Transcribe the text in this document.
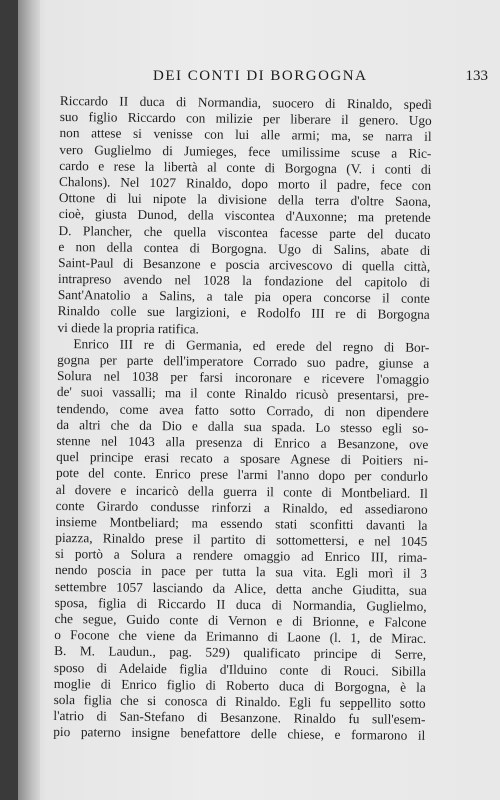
DEI CONTI DI BORGOGNA	133
Riccardo II duca di Normandia, suocero di Rinaldo, spedì
suo figlio Riccardo con milizie per liberare il genero. Ugo
non attese si venisse con lui alle armi; ma, se narra il
vero Guglielmo di Jumieges, fece umilissime scuse a Ric-
cardo e rese la libertà al conte di Borgogna (V. i conti di
Chalons). Nel 1027 Rinaldo, dopo morto il padre, fece con
Ottone di lui nipote la divisione della terra d'oltre Saona,
cioè, giusta Dunod, della visconteа d'Auxonne; ma pretende
D. Plancher, che quella viscontea facesse parte del ducato
e non della contea di Borgogna. Ugo di Salins, abate di
Saint-Paul di Besanzone e poscia arcivescovo di quella città,
intrapreso avendo nel 1028 la fondazione del capitolo di
Sant'Anatolio a Salins, a tale pia opera concorse il conte
Rinaldo colle sue largizioni, e Rodolfo III re di Borgogna
vi diede la propria ratifica.
Enrico III re di Germania, ed erede del regno di Bor-
gogna per parte dell'imperatore Corrado suo padre, giunse a
Solura nel 1038 per farsi incoronare e ricevere l'omaggio
de' suoi vassalli; ma il conte Rinaldo ricusò presentarsi, pre-
tendendo, come avea fatto sotto Corrado, di non dipendere
da altri che da Dio e dalla sua spada. Lo stesso egli so-
stenne nel 1043 alla presenza di Enrico a Besanzone, ove
quel principe erasi recato a sposare Agnese di Poitiers ni-
pote del conte. Enrico prese l'armi l'anno dopo per condurlo
al dovere e incaricò della guerra il conte di Montbeliard. Il
conte Girardo condusse rinforzi a Rinaldo, ed assediarono
insieme Montbeliard; ma essendo stati sconfitti davanti la
piazza, Rinaldo prese il partito di sottomettersi, e nel 1045
si portò a Solura a rendere omaggio ad Enrico III, rima-
nendo poscia in pace per tutta la sua vita. Egli morì il 3
settembre 1057 lasciando da Alice, detta anche Giuditta, sua
sposa, figlia di Riccardo II duca di Normandia, Guglielmo,
che segue, Guido conte di Vernon e di Brionne, e Falcone
o Focone che viene da Erimanno di Laone (l. 1, de Mirac.
B. M. Laudun., pag. 529) qualificato principe di Serre,
sposo di Adelaide figlia d'Ilduino conte di Rouci. Sibilla
moglie di Enrico figlio di Roberto duca di Borgogna, è la
sola figlia che si conosca di Rinaldo. Egli fu seppellito sotto
l'atrio di San-Stefano di Besanzone. Rinaldo fu sull'esem-
pio paterno insigne benefattore delle chiese, e formarono il
